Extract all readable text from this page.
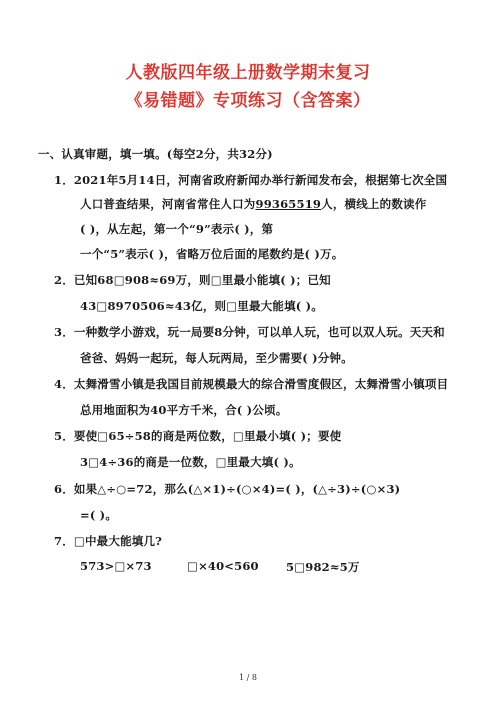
人教版四年级上册数学期末复习
《易错题》专项练习（含答案）
一、认真审题，填一填。(每空2分，共32分)
1．2021年5月14日，河南省政府新闻办举行新闻发布会，根据第七次全国
人口普查结果，河南省常住人口为99365519人，横线上的数读作
( )，从左起，第一个“9”表示( )，第
一个“5”表示( )，省略万位后面的尾数约是( )万。
2．已知68□908≈69万，则□里最小能填( )；已知
43□8970506≈43亿，则□里最大能填( )。
3．一种数学小游戏，玩一局要8分钟，可以单人玩，也可以双人玩。天天和
爸爸、妈妈一起玩，每人玩两局，至少需要( )分钟。
4．太舞滑雪小镇是我国目前规模最大的综合滑雪度假区，太舞滑雪小镇项目
总用地面积为40平方千米，合( )公顷。
5．要使□65÷58的商是两位数，□里最小填( )；要使
3□4÷36的商是一位数，□里最大填( )。
6．如果△÷○=72，那么(△×1)÷(○×4)=( )，(△÷3)÷(○×3)
=( )。
7．□中最大能填几?
573>□×73	□×40<560 5□982≈5万
1 / 8
